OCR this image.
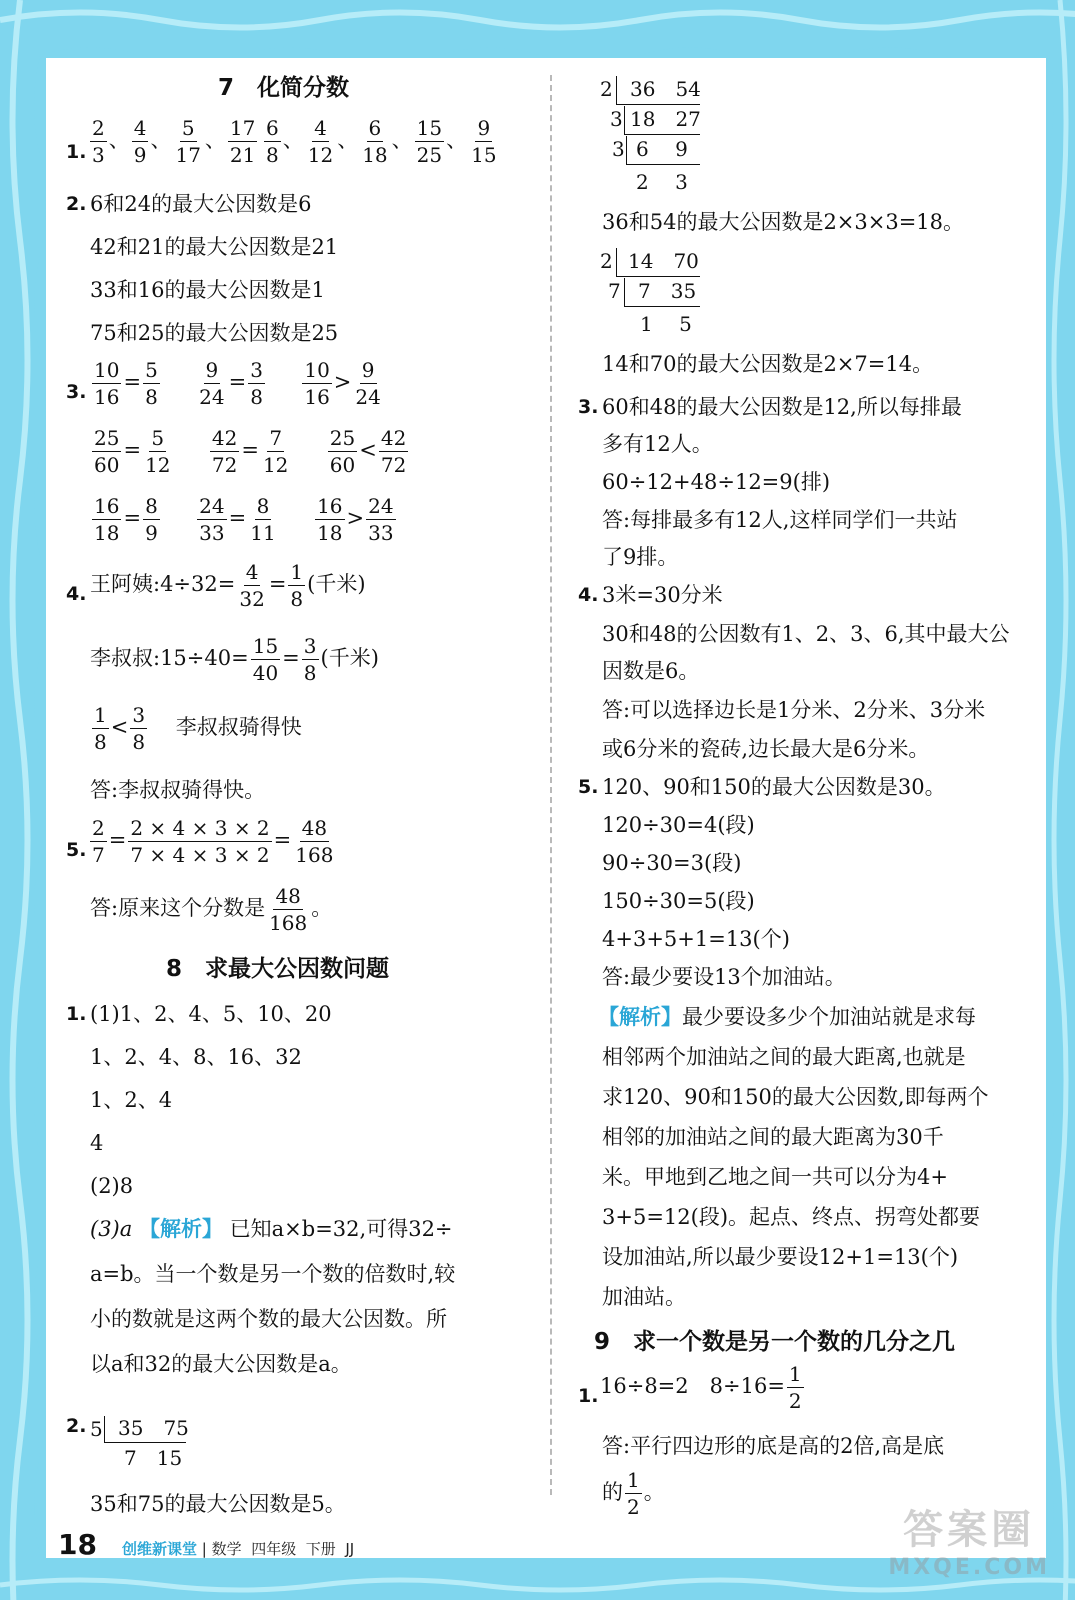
7　化简分数
1. $\frac{2}{3}$ 、 $\frac{4}{9}$ 、 $\frac{5}{17}$ 、 $\frac{17}{21} \frac{6}{8}$ 、 $\frac{4}{12}$ 、 $\frac{6}{18}$ 、 $\frac{15}{25}$ 、 $\frac{9}{15}$
2. 6和24的最大公因数是6
42和21的最大公因数是21
33和16的最大公因数是1
75和25的最大公因数是25
3. $\frac{10}{16} = \frac{5}{8}$
$\frac{9}{24} = \frac{3}{8}$
$\frac{10}{16} > \frac{9}{24}$
$\frac{25}{60} = \frac{5}{12}$
$\frac{42}{72} = \frac{7}{12}$
$\frac{25}{60} < \frac{42}{72}$
$\frac{16}{18} = \frac{8}{9}$
$\frac{24}{33} = \frac{8}{11}$
$\frac{16}{18} > \frac{24}{33}$
4. 王阿姨:4÷32= $\frac{4}{32} = \frac{1}{8}$ (千米)
李叔叔:15÷40= $\frac{15}{40} = \frac{3}{8}$ (千米)
$\frac{1}{8} < \frac{3}{8}$ 李叔叔骑得快
答:李叔叔骑得快。
5. $\frac{2}{7} = \frac{2 \times 4 \times 3 \times 2}{7 \times 4 \times 3 \times 2} = \frac{48}{168}$
答:原来这个分数是 $\frac{48}{168}$ 。
8　求最大公因数问题
1. (1)1、2、4、5、10、20
1、2、4、8、16、32
1、2、4
4
(2)8
(3)a 【解析】 已知a×b=32,可得32÷
a=b。当一个数是另一个数的倍数时,较
小的数就是这两个数的最大公因数。所
以a和32的最大公因数是a。
2. 5 35　75
7　15
35和75的最大公因数是5。
2
3
3
36　54
18　27
6　 9
2　 3
36和54的最大公因数是2×3×3=18。
2
7
14　70
7　35
1　 5
14和70的最大公因数是2×7=14。
3. 60和48的最大公因数是12,所以每排最
多有12人。
60÷12+48÷12=9(排)
答:每排最多有12人,这样同学们一共站
了9排。
4. 3米=30分米
30和48的公因数有1、2、3、6,其中最大公
因数是6。
答:可以选择边长是1分米、2分米、3分米
或6分米的瓷砖,边长最大是6分米。
5. 120、90和150的最大公因数是30。
120÷30=4(段)
90÷30=3(段)
150÷30=5(段)
4+3+5+1=13(个)
答:最少要设13个加油站。
【解析】最少要设多少个加油站就是求每
相邻两个加油站之间的最大距离,也就是
求120、90和150的最大公因数,即每两个
相邻的加油站之间的最大距离为30千
米。甲地到乙地之间一共可以分为4+
3+5=12(段)。起点、终点、拐弯处都要
设加油站,所以最少要设12+1=13(个)
加油站。
9　求一个数是另一个数的几分之几
1. 16÷8=2　$8\div 16= \frac{1}{2}$
答:平行四边形的底是高的2倍,高是底
的 $\frac{1}{2}$ 。
18 创维新课堂 | 数学 四年级 下册 JJ	答案圈
MXQE.COM
